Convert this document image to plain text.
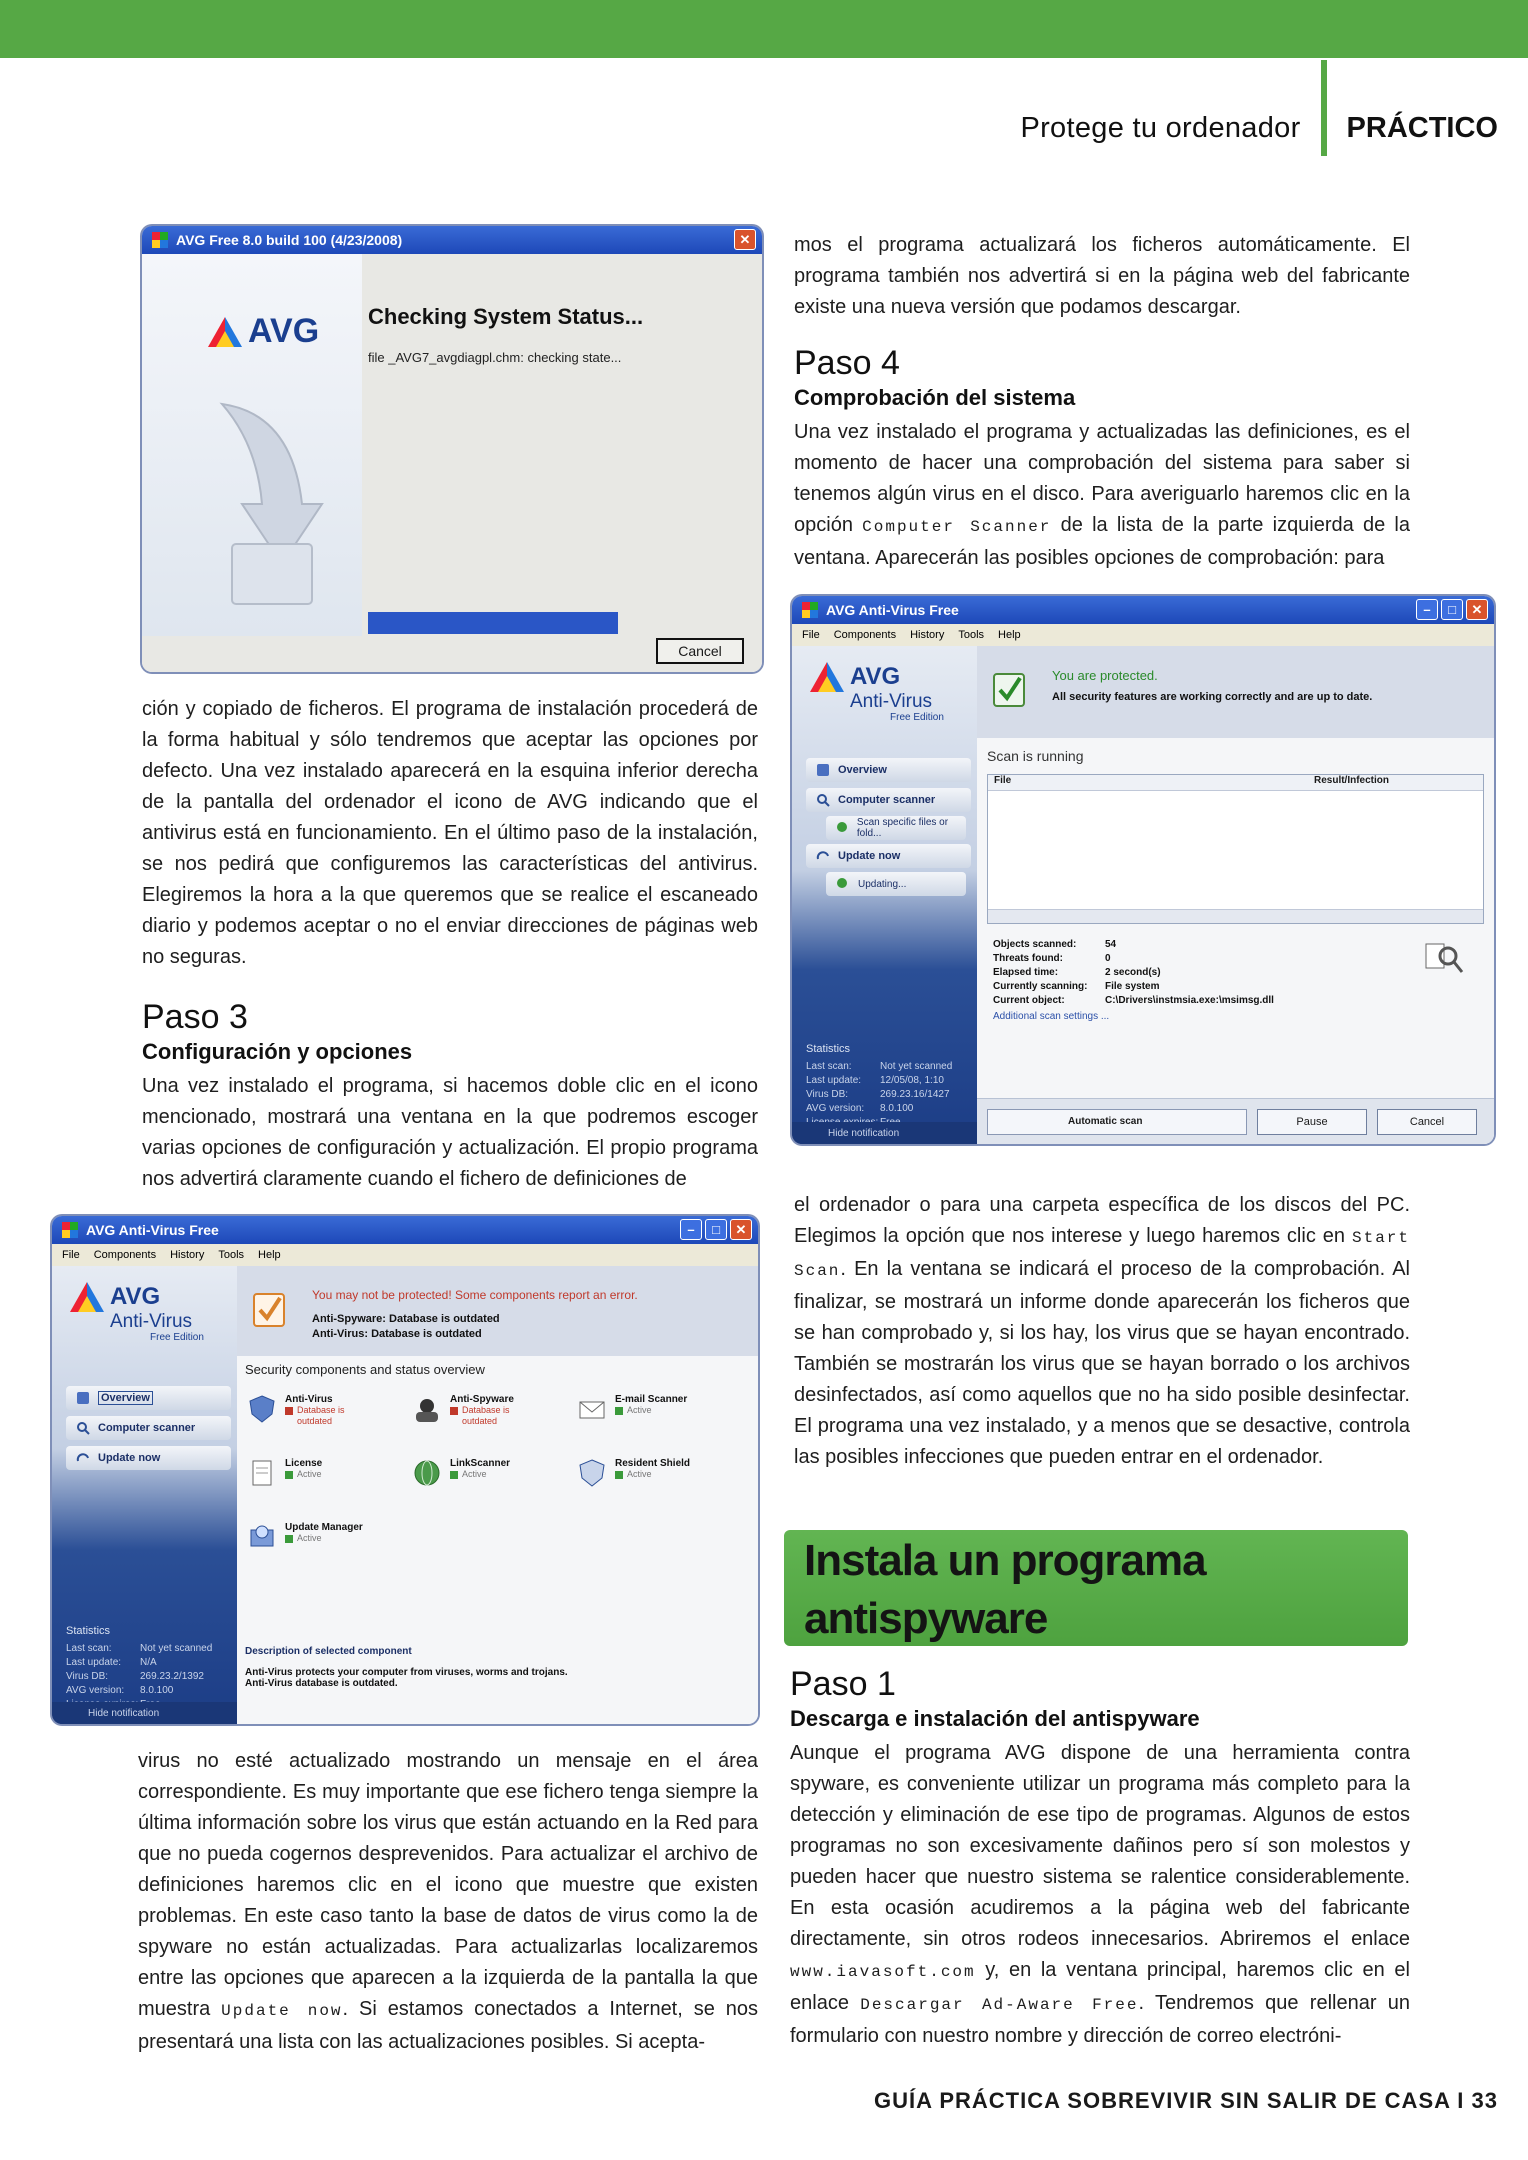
Protege tu ordenador	PRÁCTICO
AVG Free 8.0 build 100 (4/23/2008)	✕
AVG Checking System Status...
file _AVG7_avgdiagpl.chm: checking state...
Cancel

mos el programa actualizará los ficheros automáticamente. El programa también nos advertirá si en la página web del fabricante existe una nueva versión que podamos descargar.

Paso 4
Comprobación del sistema

Una vez instalado el programa y actualizadas las definiciones, es el momento de hacer una comprobación del sistema para saber si tenemos algún virus en el disco. Para averiguarlo haremos clic en la opción Computer Scanner de la lista de la parte izquierda de la ventana. Aparecerán las posibles opciones de comprobación: para

AVG Anti-Virus Free	–	□	✕
File Components History Tools Help
AVG
Anti-Virus
Free Edition
You are protected.
All security features are working correctly and are up to date.
Overview
Computer scanner
Scan specific files or fold...
Update now
Updating...
Statistics
Last scan:	Not yet scanned
Last update:	12/05/08, 1:10
Virus DB:	269.23.16/1427
AVG version:	8.0.100
Hide notification
Scan is running
File	Result/Infection
Objects scanned:	54
Threats found:	0
Elapsed time:	2 second(s)
Currently scanning:	File system
Current object:	C:\Drivers\instmsia.exe:\msimsg.dll
Additional scan settings ...
Automatic scan	Pause	Cancel

ción y copiado de ficheros. El programa de instalación procederá de la forma habitual y sólo tendremos que aceptar las opciones por defecto. Una vez instalado aparecerá en la esquina inferior derecha de la pantalla del ordenador el icono de AVG indicando que el antivirus está en funcionamiento. En el último paso de la instalación, se nos pedirá que configuremos las características del antivirus. Elegiremos la hora a la que queremos que se realice el escaneado diario y podemos aceptar o no el enviar direcciones de páginas web no seguras.

Paso 3
Configuración y opciones

Una vez instalado el programa, si hacemos doble clic en el icono mencionado, mostrará una ventana en la que podremos escoger varias opciones de configuración y actualización. El propio programa nos advertirá claramente cuando el fichero de definiciones de

AVG Anti-Virus Free	–	□	✕
File Components History Tools Help
AVG
Anti-Virus
Free Edition
You may not be protected! Some components report an error.
Anti-Spyware: Database is outdated
Anti-Virus: Database is outdated
Overview
Computer scanner
Update now
Statistics
Last scan:	Not yet scanned
Last update:	N/A
Virus DB:	269.23.2/1392
AVG version:	8.0.100
Hide notification
Security components and status overview
Anti-Virus
Database is
outdated
Anti-Spyware
Database is
outdated
E-mail Scanner
Active
License
Active
LinkScanner
Active
Resident Shield
Active
Update Manager
Active
Description of selected component
Anti-Virus protects your computer from viruses, worms and trojans.
Anti-Virus database is outdated.

el ordenador o para una carpeta específica de los discos del PC. Elegimos la opción que nos interese y luego haremos clic en Start Scan. En la ventana se indicará el proceso de la comprobación. Al finalizar, se mostrará un informe donde aparecerán los ficheros que se han comprobado y, si los hay, los virus que se hayan encontrado. También se mostrarán los virus que se hayan borrado o los archivos desinfectados, así como aquellos que no ha sido posible desinfectar. El programa una vez instalado, y a menos que se desactive, controla las posibles infecciones que pueden entrar en el ordenador.

virus no esté actualizado mostrando un mensaje en el área correspondiente. Es muy importante que ese fichero tenga siempre la última información sobre los virus que están actuando en la Red para que no pueda cogernos desprevenidos. Para actualizar el archivo de definiciones haremos clic en el icono que muestre que existen problemas. En este caso tanto la base de datos de virus como la de spyware no están actualizadas. Para actualizarlas localizaremos entre las opciones que aparecen a la izquierda de la pantalla la que muestra Update now. Si estamos conectados a Internet, se nos presentará una lista con las actualizaciones posibles. Si acepta-

Instala un programa
antispyware
Paso 1
Descarga e instalación del antispyware

Aunque el programa AVG dispone de una herramienta contra spyware, es conveniente utilizar un programa más completo para la detección y eliminación de ese tipo de programas. Algunos de estos programas no son excesivamente dañinos pero sí son molestos y pueden hacer que nuestro sistema se ralentice considerablemente. En esta ocasión acudiremos a la página web del fabricante directamente, sin otros rodeos innecesarios. Abriremos el enlace www.iavasoft.com y, en la ventana principal, haremos clic en el enlace Descargar Ad-Aware Free. Tendremos que rellenar un formulario con nuestro nombre y dirección de correo electróni-

GUÍA PRÁCTICA SOBREVIVIR SIN SALIR DE CASA I 33
